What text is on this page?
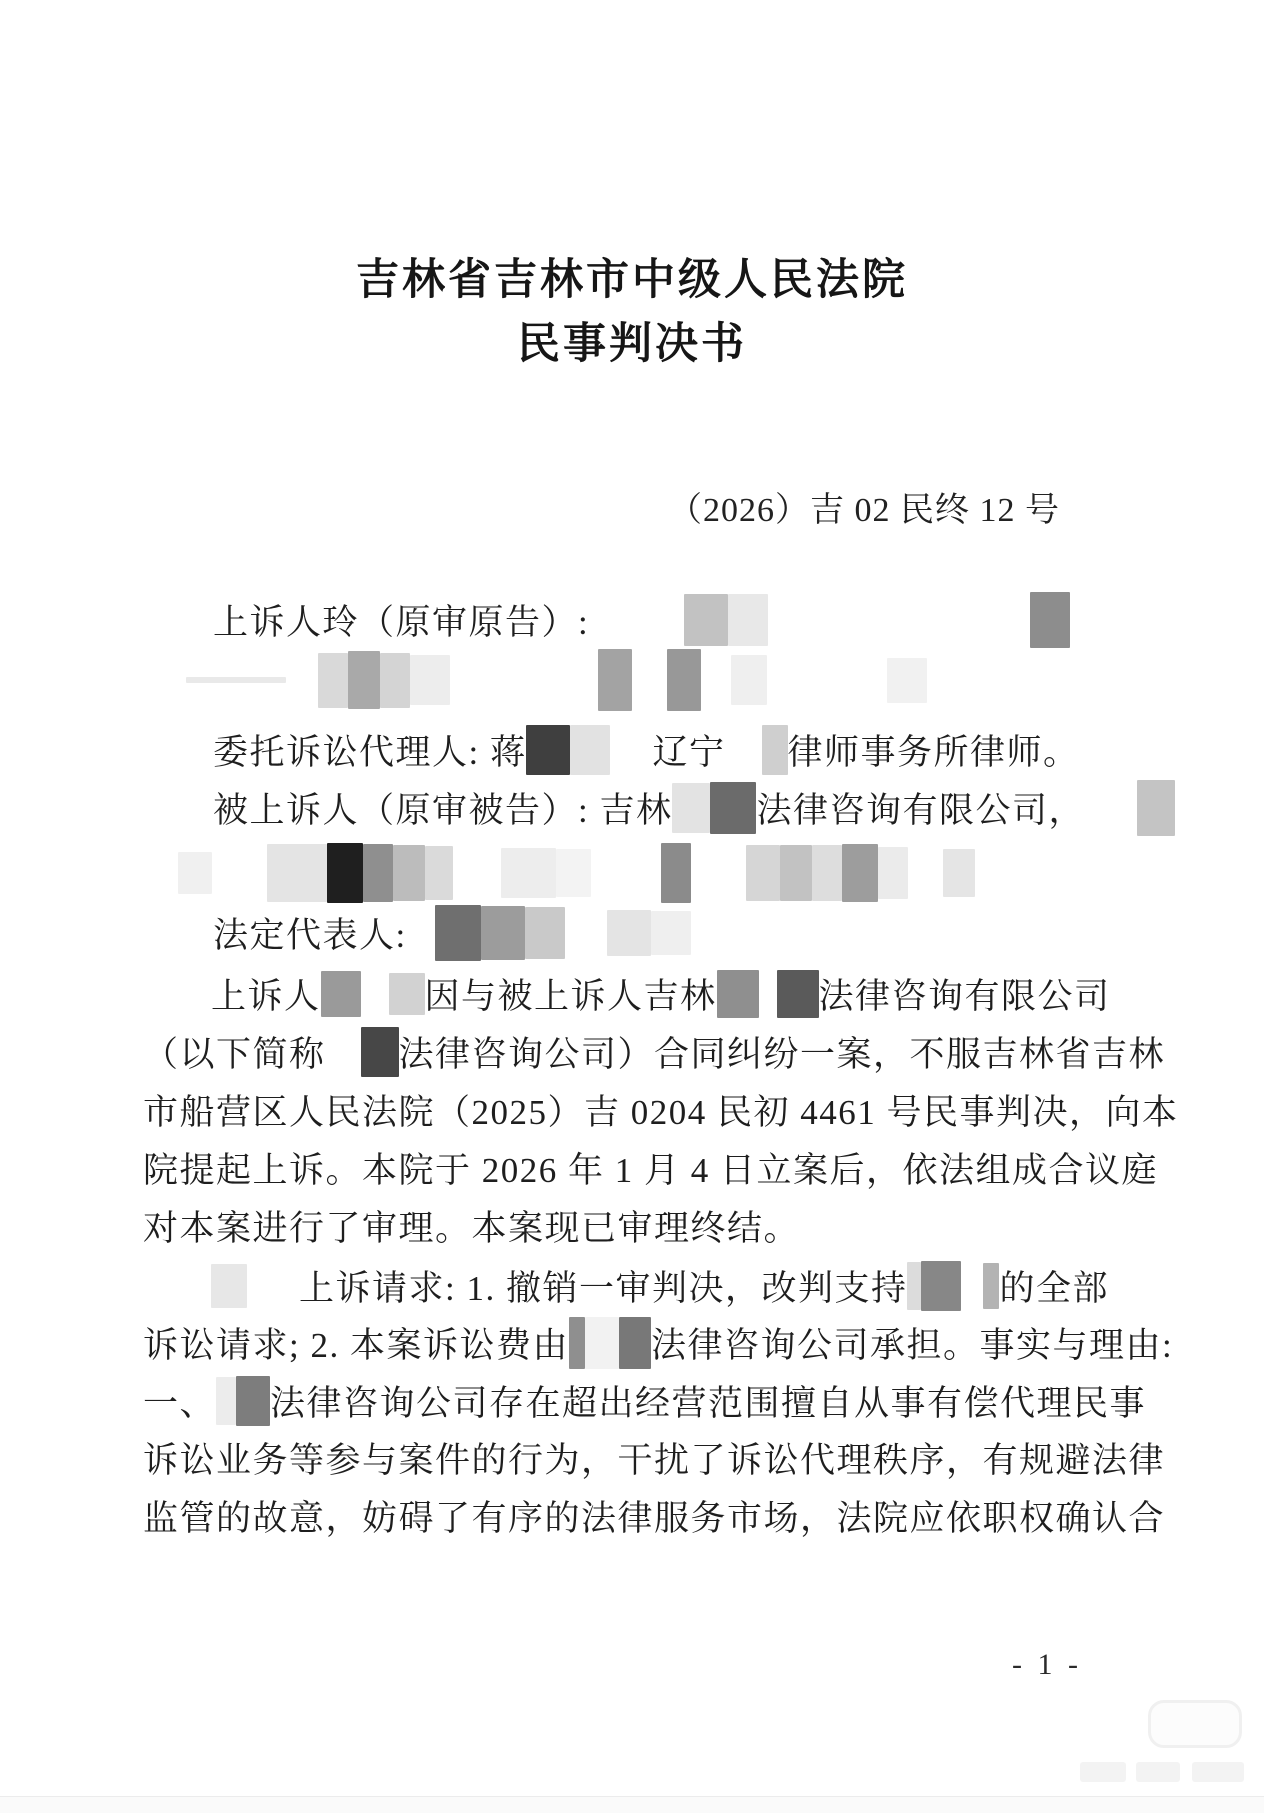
吉林省吉林市中级人民法院
民事判决书
（2026）吉 02 民终 12 号
上诉人玲（原审原告）:
委托诉讼代理人: 蒋	辽宁 律师事务所律师。
被上诉人（原审被告）: 吉林 法律咨询有限公司，
法定代表人:
上诉人	因与被上诉人吉林	法律咨询有限公司
（以下简称 法律咨询公司）合同纠纷一案，不服吉林省吉林
市船营区人民法院（2025）吉 0204 民初 4461 号民事判决，向本
院提起上诉。本院于 2026 年 1 月 4 日立案后，依法组成合议庭
对本案进行了审理。本案现已审理终结。
上诉请求: 1. 撤销一审判决，改判支持	的全部
诉讼请求; 2. 本案诉讼费由 法律咨询公司承担。事实与理由:
一、 法律咨询公司存在超出经营范围擅自从事有偿代理民事
诉讼业务等参与案件的行为，干扰了诉讼代理秩序，有规避法律
监管的故意，妨碍了有序的法律服务市场，法院应依职权确认合
- 1 -
